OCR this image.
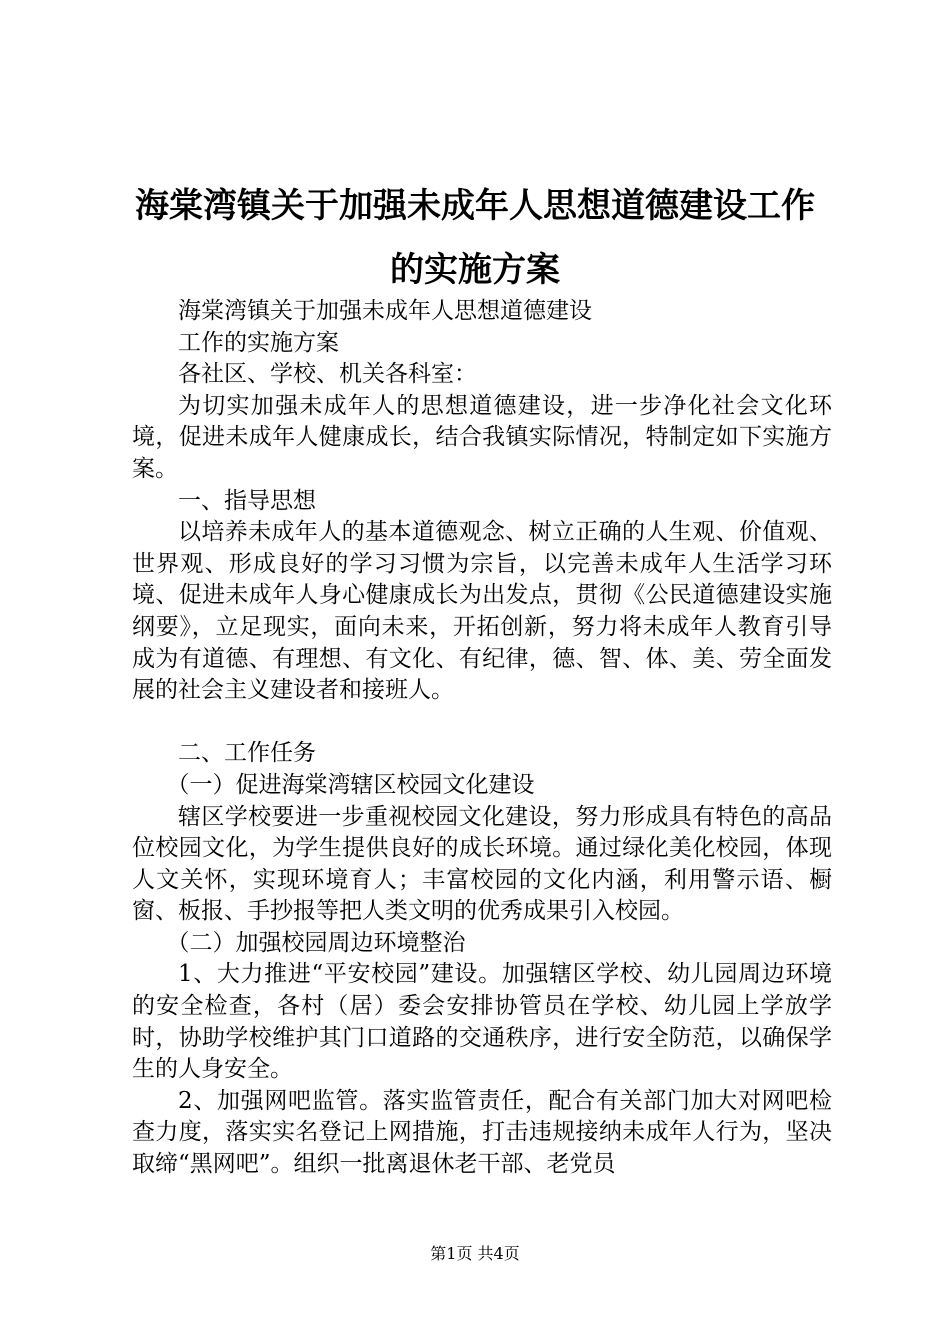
海棠湾镇关于加强未成年人思想道德建设工作
的实施方案

海棠湾镇关于加强未成年人思想道德建设

工作的实施方案

各社区、学校、机关各科室：

为切实加强未成年人的思想道德建设，进一步净化社会文化环境，促进未成年人健康成长，结合我镇实际情况，特制定如下实施方案。

一、指导思想

以培养未成年人的基本道德观念、树立正确的人生观、价值观、世界观、形成良好的学习习惯为宗旨，以完善未成年人生活学习环境、促进未成年人身心健康成长为出发点，贯彻《公民道德建设实施纲要》，立足现实，面向未来，开拓创新，努力将未成年人教育引导成为有道德、有理想、有文化、有纪律，德、智、体、美、劳全面发展的社会主义建设者和接班人。

二、工作任务

（一）促进海棠湾辖区校园文化建设

辖区学校要进一步重视校园文化建设，努力形成具有特色的高品位校园文化，为学生提供良好的成长环境。通过绿化美化校园，体现人文关怀，实现环境育人；丰富校园的文化内涵，利用警示语、橱窗、板报、手抄报等把人类文明的优秀成果引入校园。

（二）加强校园周边环境整治

1、大力推进“平安校园”建设。加强辖区学校、幼儿园周边环境的安全检查，各村（居）委会安排协管员在学校、幼儿园上学放学时，协助学校维护其门口道路的交通秩序，进行安全防范，以确保学生的人身安全。

2、加强网吧监管。落实监管责任，配合有关部门加大对网吧检查力度，落实实名登记上网措施，打击违规接纳未成年人行为，坚决取缔“黑网吧”。组织一批离退休老干部、老党员

第1页 共4页
